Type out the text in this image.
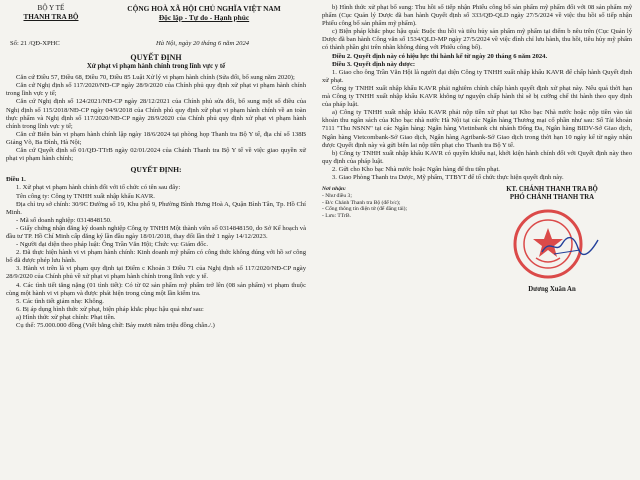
BỘ Y TẾ
THANH TRA BỘ
CỘNG HOÀ XÃ HỘI CHỦ NGHĨA VIỆT NAM
Độc lập - Tự do - Hạnh phúc
Số: 21 /QĐ-XPHC	Hà Nội, ngày 20 tháng 6 năm 2024
QUYẾT ĐỊNH
Xử phạt vi phạm hành chính trong lĩnh vực y tế

Căn cứ Điều 57, Điều 68, Điều 70, Điều 85 Luật Xử lý vi phạm hành chính (Sửa đổi, bổ sung năm 2020);

Căn cứ Nghị định số 117/2020/NĐ-CP ngày 28/9/2020 của Chính phủ quy định xử phạt vi phạm hành chính trong lĩnh vực y tế;

Căn cứ Nghị định số 124/2021/NĐ-CP ngày 28/12/2021 của Chính phủ sửa đổi, bổ sung một số điều của Nghị định số 115/2018/NĐ-CP ngày 04/9/2018 của Chính phủ quy định xử phạt vi phạm hành chính về an toàn thực phẩm và Nghị định số 117/2020/NĐ-CP ngày 28/9/2020 của Chính phủ quy định xử phạt vi phạm hành chính trong lĩnh vực y tế;

Căn cứ Biên bản vi phạm hành chính lập ngày 18/6/2024 tại phòng họp Thanh tra Bộ Y tế, địa chỉ số 138B Giảng Võ, Ba Đình, Hà Nội;

Căn cứ Quyết định số 01/QĐ-TTrB ngày 02/01/2024 của Chánh Thanh tra Bộ Y tế về việc giao quyền xử phạt vi phạm hành chính;

QUYẾT ĐỊNH:

Điều 1.

1. Xử phạt vi phạm hành chính đối với tổ chức có tên sau đây:

Tên công ty: Công ty TNHH xuất nhập khẩu KAVR.

Địa chỉ trụ sở chính: 30/9C Đường số 19, Khu phố 9, Phường Bình Hưng Hoà A, Quận Bình Tân, Tp. Hồ Chí Minh.

- Mã số doanh nghiệp: 0314848150.

- Giấy chứng nhận đăng ký doanh nghiệp Công ty TNHH Một thành viên số 0314848150, do Sở Kế hoạch và đầu tư TP. Hồ Chí Minh cấp đăng ký lần đầu ngày 18/01/2018, thay đổi lần thứ 1 ngày 14/12/2023.

- Người đại diện theo pháp luật: Ông Trần Văn Hội; Chức vụ: Giám đốc.

2. Đã thực hiện hành vi vi phạm hành chính: Kinh doanh mỹ phẩm có công thức không đúng với hồ sơ công bố đã được phép lưu hành.

3. Hành vi trên là vi phạm quy định tại Điểm c Khoản 3 Điều 71 của Nghị định số 117/2020/NĐ-CP ngày 28/9/2020 của Chính phủ về xử phạt vi phạm hành chính trong lĩnh vực y tế.

4. Các tình tiết tăng nặng (01 tình tiết): Có từ 02 sản phẩm mỹ phẩm trở lên (08 sản phẩm) vi phạm thuộc cùng một hành vi vi phạm và được phát hiện trong cùng một lần kiểm tra.

5. Các tình tiết giảm nhẹ: Không.

6. Bị áp dụng hình thức xử phạt, biện pháp khắc phục hậu quả như sau:

a) Hình thức xử phạt chính: Phạt tiền.

Cụ thể: 75.000.000 đồng (Viết bằng chữ: Bảy mươi năm triệu đồng chẵn./.)

b) Hình thức xử phạt bổ sung: Thu hồi số tiếp nhận Phiếu công bố sản phẩm mỹ phẩm đối với 08 sản phẩm mỹ phẩm (Cục Quản lý Dược đã ban hành Quyết định số 333/QĐ-QLD ngày 27/5/2024 về việc thu hồi số tiếp nhận Phiếu công bố sản phẩm mỹ phẩm).

c) Biện pháp khắc phục hậu quả: Buộc thu hồi và tiêu hủy sản phẩm mỹ phẩm tại điểm b nêu trên (Cục Quản lý Dược đã ban hành Công văn số 1534/QLD-MP ngày 27/5/2024 về việc đình chỉ lưu hành, thu hồi, tiêu hủy mỹ phẩm có thành phần ghi trên nhãn không đúng với Phiếu công bố).

Điều 2. Quyết định này có hiệu lực thi hành kể từ ngày 20 tháng 6 năm 2024.

Điều 3. Quyết định này được:

1. Giao cho ông Trần Văn Hội là người đại diện Công ty TNHH xuất nhập khẩu KAVR để chấp hành Quyết định xử phạt.

Công ty TNHH xuất nhập khẩu KAVR phải nghiêm chỉnh chấp hành quyết định xử phạt này. Nếu quá thời hạn mà Công ty TNHH xuất nhập khẩu KAVR không tự nguyện chấp hành thì sẽ bị cưỡng chế thi hành theo quy định của pháp luật.

a) Công ty TNHH xuất nhập khẩu KAVR phải nộp tiền xử phạt tại Kho bạc Nhà nước hoặc nộp tiền vào tài khoản thu ngân sách của Kho bạc nhà nước Hà Nội tại các Ngân hàng Thương mại cổ phần như sau: Số Tài khoản 7111 "Thu NSNN" tại các Ngân hàng: Ngân hàng Vietinbank chi nhánh Đống Đa, Ngân hàng BIDV-Sở Giao dịch, Ngân hàng Vietcombank-Sở Giao dịch, Ngân hàng Agribank-Sở Giao dịch trong thời hạn 10 ngày kể từ ngày nhận được Quyết định này và gửi biên lai nộp tiền phạt cho Thanh tra Bộ Y tế.

b) Công ty TNHH xuất nhập khẩu KAVR có quyền khiếu nại, khởi kiện hành chính đối với Quyết định này theo quy định của pháp luật.

2. Gửi cho Kho bạc Nhà nước hoặc Ngân hàng để thu tiền phạt.

3. Giao Phòng Thanh tra Dược, Mỹ phẩm, TTBYT để tổ chức thực hiện quyết định này.

Nơi nhận:
- Như điều 3;
- Đ/c Chánh Thanh tra Bộ (để b/c);
- Cổng thông tin điện tử (để đăng tải);
- Lưu: TTrB.
KT. CHÁNH THANH TRA BỘ
PHÓ CHÁNH THANH TRA
Dương Xuân An
